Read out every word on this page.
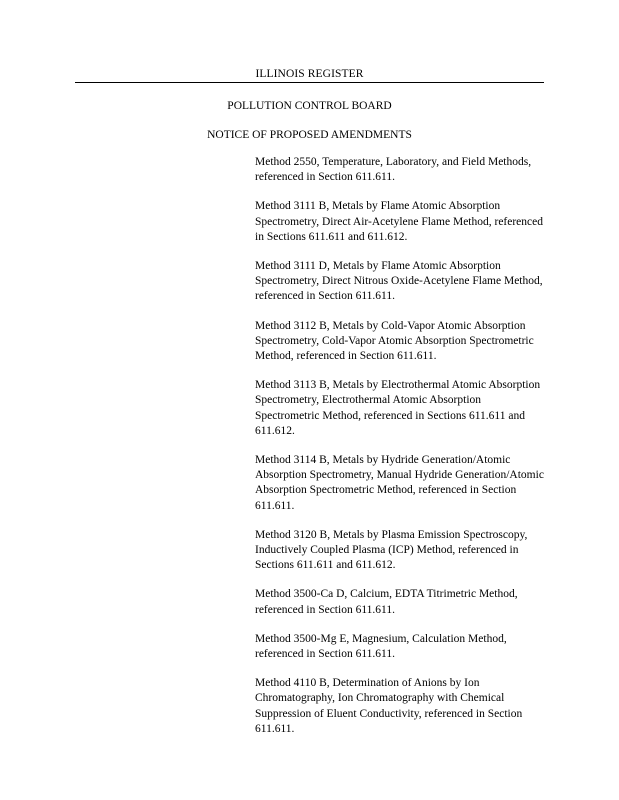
ILLINOIS REGISTER
POLLUTION CONTROL BOARD
NOTICE OF PROPOSED AMENDMENTS
Method 2550, Temperature, Laboratory, and Field Methods, referenced in Section 611.611.
Method 3111 B, Metals by Flame Atomic Absorption Spectrometry, Direct Air-Acetylene Flame Method, referenced in Sections 611.611 and 611.612.
Method 3111 D, Metals by Flame Atomic Absorption Spectrometry, Direct Nitrous Oxide-Acetylene Flame Method, referenced in Section 611.611.
Method 3112 B, Metals by Cold-Vapor Atomic Absorption Spectrometry, Cold-Vapor Atomic Absorption Spectrometric Method, referenced in Section 611.611.
Method 3113 B, Metals by Electrothermal Atomic Absorption Spectrometry, Electrothermal Atomic Absorption Spectrometric Method, referenced in Sections 611.611 and 611.612.
Method 3114 B, Metals by Hydride Generation/Atomic Absorption Spectrometry, Manual Hydride Generation/Atomic Absorption Spectrometric Method, referenced in Section 611.611.
Method 3120 B, Metals by Plasma Emission Spectroscopy, Inductively Coupled Plasma (ICP) Method, referenced in Sections 611.611 and 611.612.
Method 3500-Ca D, Calcium, EDTA Titrimetric Method, referenced in Section 611.611.
Method 3500-Mg E, Magnesium, Calculation Method, referenced in Section 611.611.
Method 4110 B, Determination of Anions by Ion Chromatography, Ion Chromatography with Chemical Suppression of Eluent Conductivity, referenced in Section 611.611.
